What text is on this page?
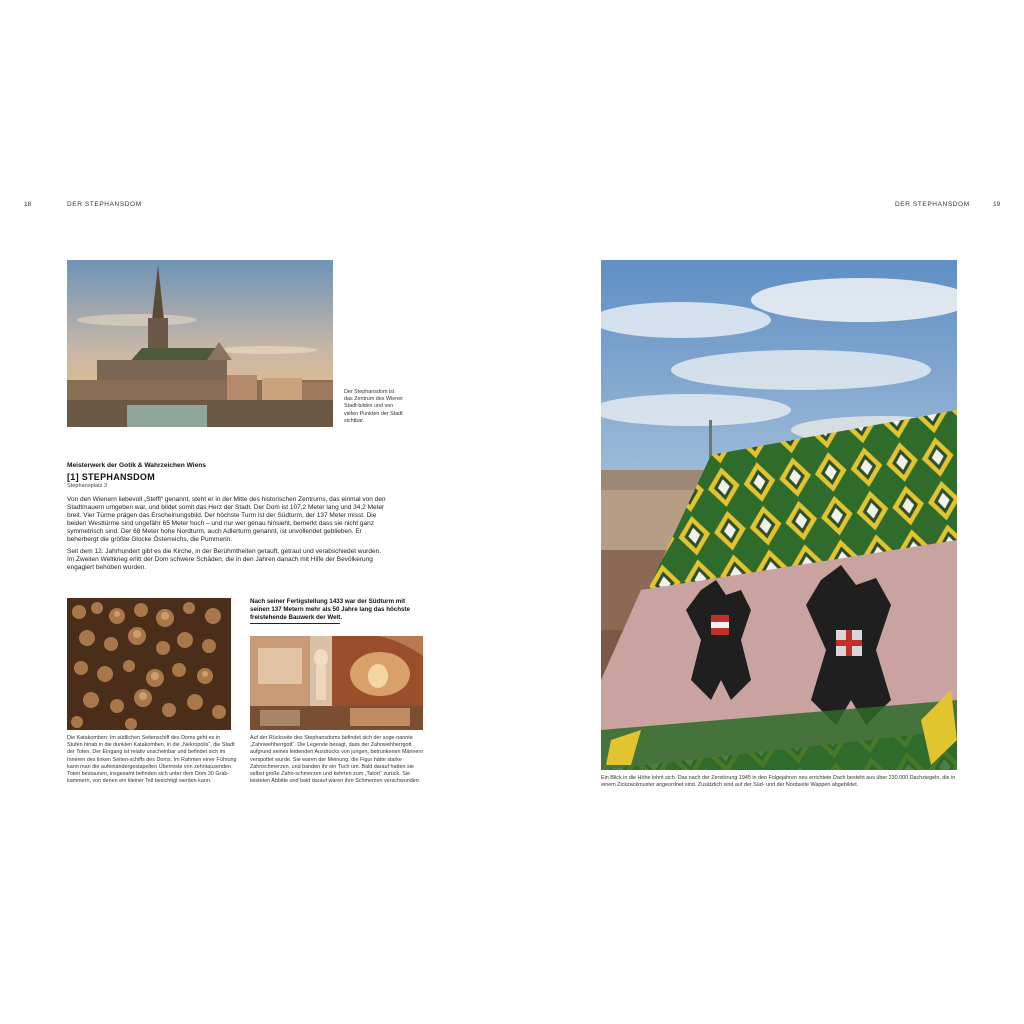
18	DER STEPHANSDOM
Der Stephansdom ist das Zentrum des Wiener Stadt-bildes und von vielen Punkten der Stadt sichtbar.
Meisterwerk der Gotik & Wahrzeichen Wiens
[1] STEPHANSDOM
Stephansplatz 3
Von den Wienern liebevoll „Steffl“ genannt, steht er in der Mitte des historischen Zentrums, das einmal von den Stadtmauern umgeben war, und bildet somit das Herz der Stadt. Der Dom ist 107,2 Meter lang und 34,2 Meter breit. Vier Türme prägen das Erscheinungsbild. Der höchste Turm ist der Südturm, der 137 Meter misst. Die beiden Westtürme sind ungefähr 65 Meter hoch – und nur wer genau hinsieht, bemerkt dass sie nicht ganz symmetrisch sind. Der 68 Meter hohe Nordturm, auch Adlerturm genannt, ist unvollendet geblieben. Er beherbergt die größte Glocke Österreichs, die Pummerin.
Seit dem 12. Jahrhundert gibt es die Kirche, in der Berühmtheiten getauft, getraut und verabschiedet wurden. Im Zweiten Weltkrieg erlitt der Dom schwere Schäden, die in den Jahren danach mit Hilfe der Bevölkerung engagiert behoben wurden.
Nach seiner Fertigstellung 1433 war der Südturm mit seinen 137 Metern mehr als 50 Jahre lang das höchste freistehende Bauwerk der Welt.
Die Katakomben: Im südlichen Seitenschiff des Doms geht es in Stufen hinab in die dunklen Katakomben, in die „Nekropolis“, die Stadt der Toten. Der Eingang ist relativ unscheinbar und befindet sich im Inneren des linken Seiten-schiffs des Doms. Im Rahmen einer Führung kann man die aufeinandergestapelten Überreste von zehntausenden Toten bestaunen, insgesamt befinden sich unter dem Dom 30 Grab-kammern, von denen ein kleiner Teil besichtigt werden kann.
Auf der Rückseite des Stephansdoms befindet sich der soge-nannte „Zahnwehherrgott“. Die Legende besagt, dass der Zahnwehherrgott aufgrund seines leidenden Ausdrucks von jungen, betrunkenen Männern verspottet wurde. Sie waren der Meinung, die Figur hätte starke Zahnschmerzen, und banden ihr ein Tuch um. Bald darauf hatten sie selbst große Zahn-schmerzen und kehrten zum „Tatort“ zurück. Sie leisteten Abbitte und bald darauf waren ihre Schmerzen verschwunden.
DER STEPHANSDOM	19
Ein Blick in die Höhe lohnt sich. Das nach der Zerstörung 1945 in den Folgejahren neu errichtete Dach besteht aus über 230.000 Dachziegeln, die in einem Zickzackmuster angeordnet sind. Zusätzlich sind auf der Süd- und der Nordseite Wappen abgebildet.
